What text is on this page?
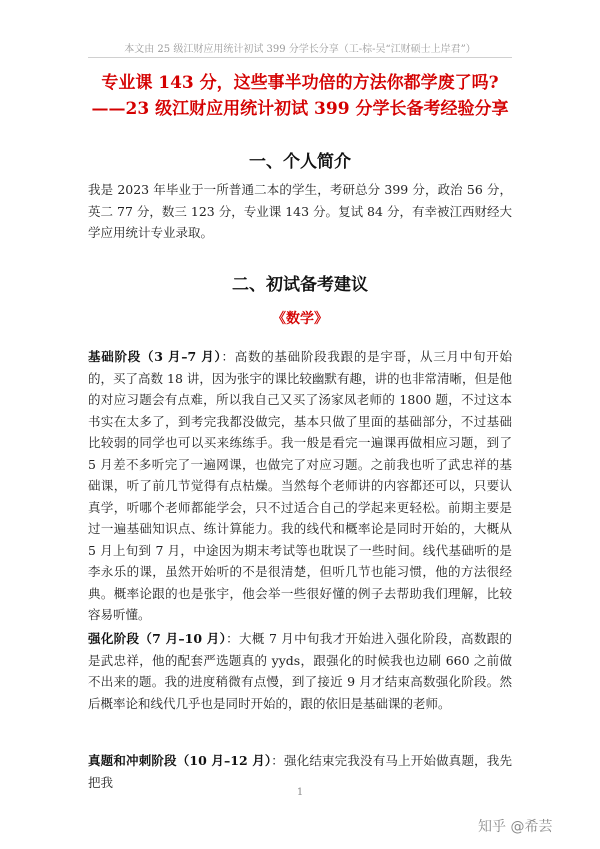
本文由 25 级江财应用统计初试 399 分学长分享（工-棕-吴“江财硕士上岸君”）
专业课 143 分，这些事半功倍的方法你都学废了吗?——23 级江财应用统计初试 399 分学长备考经验分享
一、个人简介

我是 2023 年毕业于一所普通二本的学生，考研总分 399 分，政治 56 分，英二 77 分，数三 123 分，专业课 143 分。复试 84 分，有幸被江西财经大学应用统计专业录取。

二、初试备考建议
《数学》

基础阶段（3 月–7 月）：高数的基础阶段我跟的是宇哥，从三月中旬开始的，买了高数 18 讲，因为张宇的课比较幽默有趣，讲的也非常清晰，但是他的对应习题会有点难，所以我自己又买了汤家凤老师的 1800 题，不过这本书实在太多了，到考完我都没做完，基本只做了里面的基础部分，不过基础比较弱的同学也可以买来练练手。我一般是看完一遍课再做相应习题，到了 5 月差不多听完了一遍网课，也做完了对应习题。之前我也听了武忠祥的基础课，听了前几节觉得有点枯燥。当然每个老师讲的内容都还可以，只要认真学，听哪个老师都能学会，只不过适合自己的学起来更轻松。前期主要是过一遍基础知识点、练计算能力。我的线代和概率论是同时开始的，大概从 5 月上旬到 7 月，中途因为期末考试等也耽误了一些时间。线代基础听的是李永乐的课，虽然开始听的不是很清楚，但听几节也能习惯，他的方法很经典。概率论跟的也是张宇，他会举一些很好懂的例子去帮助我们理解，比较容易听懂。

强化阶段（7 月–10 月）：大概 7 月中旬我才开始进入强化阶段，高数跟的是武忠祥，他的配套严选题真的 yyds，跟强化的时候我也边刷 660 之前做不出来的题。我的进度稍微有点慢，到了接近 9 月才结束高数强化阶段。然后概率论和线代几乎也是同时开始的，跟的依旧是基础课的老师。

真题和冲刺阶段（10 月–12 月）：强化结束完我没有马上开始做真题，我先把我

1
知乎 @希芸
